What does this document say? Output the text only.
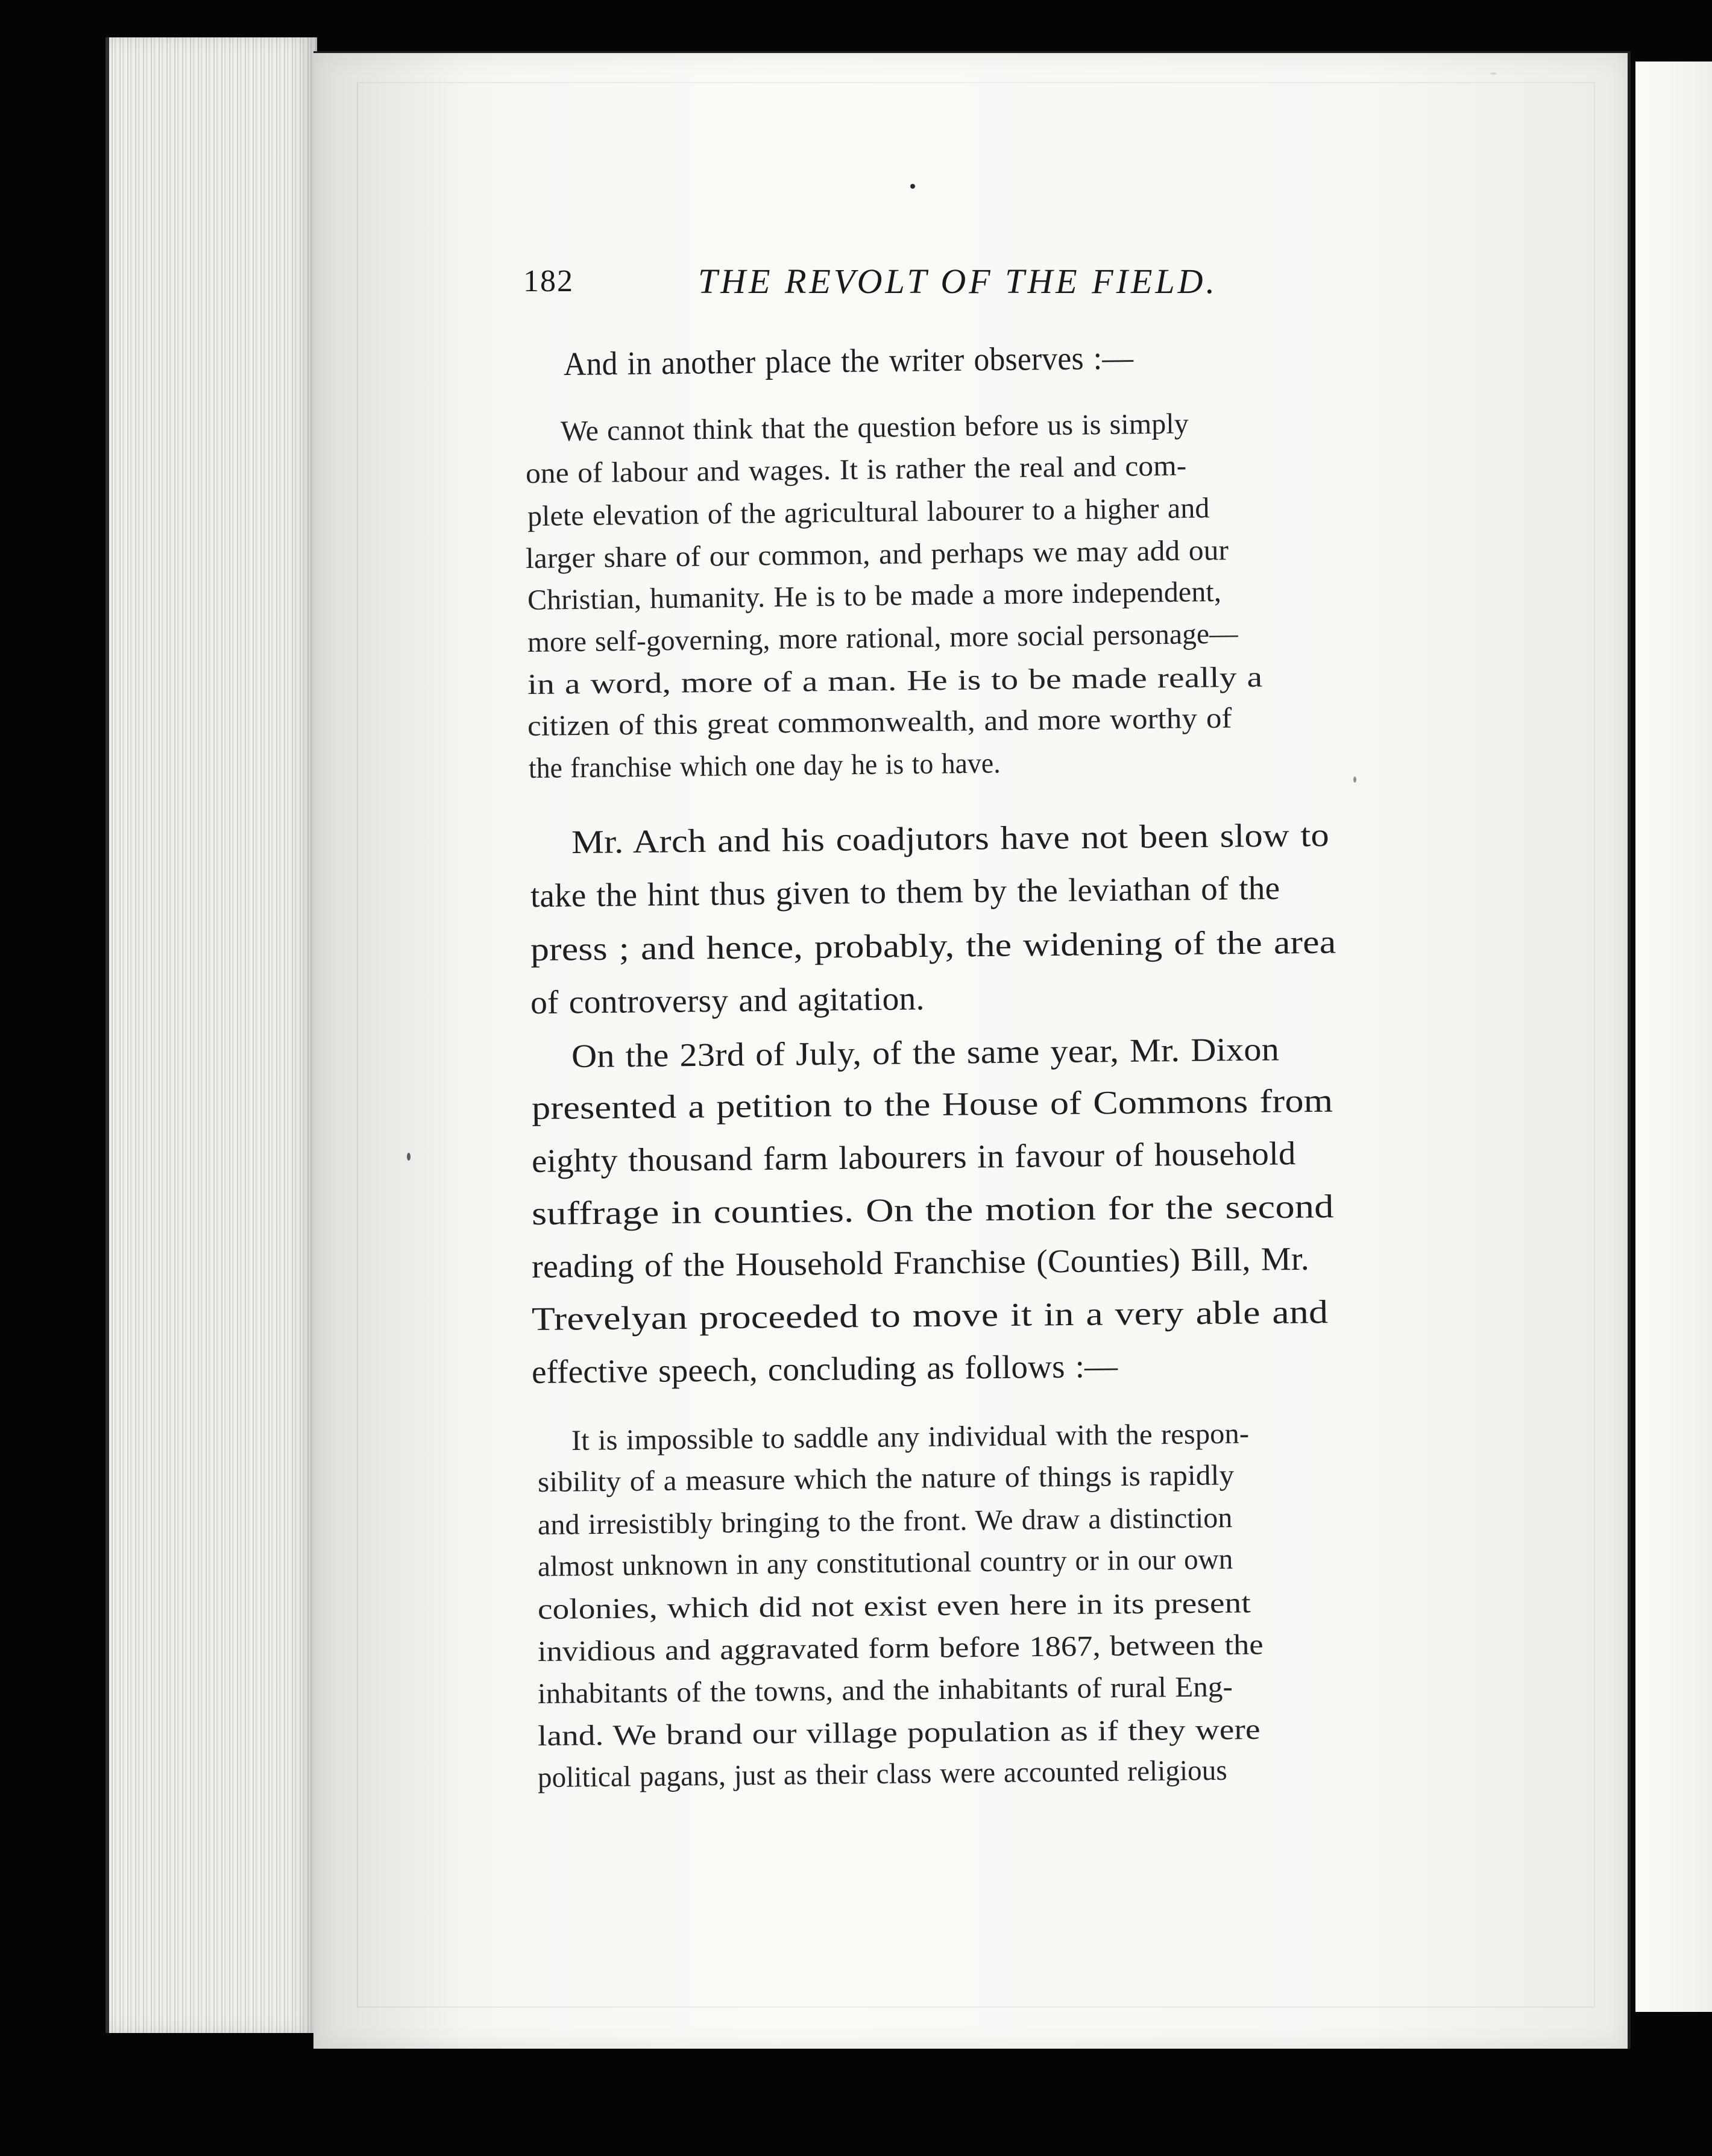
182	THE REVOLT OF THE FIELD.

And in another place the writer observes :—

We cannot think that the question before us is simply

one of labour and wages. It is rather the real and com-

plete elevation of the agricultural labourer to a higher and

larger share of our common, and perhaps we may add our

Christian, humanity. He is to be made a more independent,

more self-governing, more rational, more social personage—

in a word, more of a man. He is to be made really a

citizen of this great commonwealth, and more worthy of

the franchise which one day he is to have.

Mr. Arch and his coadjutors have not been slow to

take the hint thus given to them by the leviathan of the

press ; and hence, probably, the widening of the area

of controversy and agitation.

On the 23rd of July, of the same year, Mr. Dixon

presented a petition to the House of Commons from

eighty thousand farm labourers in favour of household

suffrage in counties. On the motion for the second

reading of the Household Franchise (Counties) Bill, Mr.

Trevelyan proceeded to move it in a very able and

effective speech, concluding as follows :—

It is impossible to saddle any individual with the respon-

sibility of a measure which the nature of things is rapidly

and irresistibly bringing to the front. We draw a distinction

almost unknown in any constitutional country or in our own

colonies, which did not exist even here in its present

invidious and aggravated form before 1867, between the

inhabitants of the towns, and the inhabitants of rural Eng-

land. We brand our village population as if they were

political pagans, just as their class were accounted religious
